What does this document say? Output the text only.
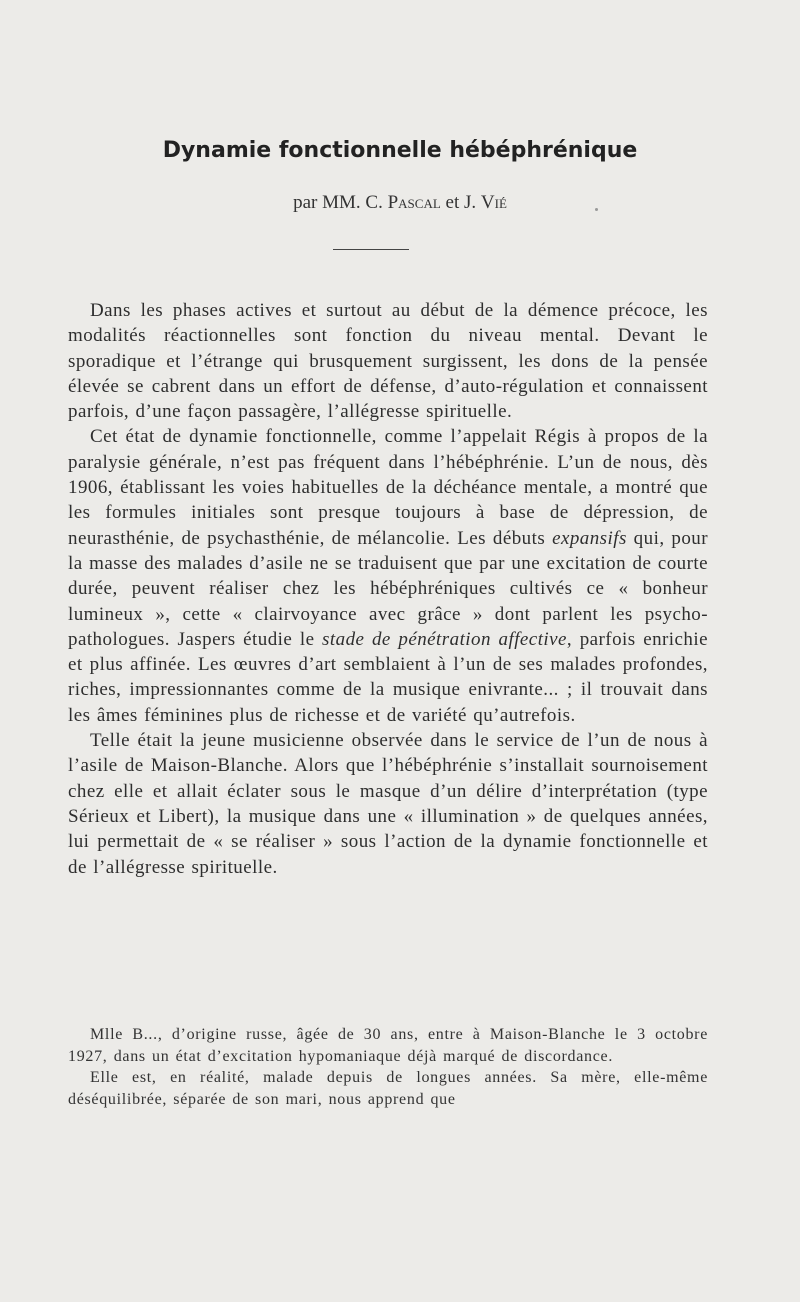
Dynamie fonctionnelle hébéphrénique
par MM. C. Pascal et J. Vié

Dans les phases actives et surtout au début de la démence précoce, les modalités réactionnelles sont fonction du niveau mental. Devant le sporadique et l’étrange qui brusquement surgissent, les dons de la pensée élevée se cabrent dans un effort de défense, d’auto-régulation et connaissent parfois, d’une façon passagère, l’allégresse spirituelle.

Cet état de dynamie fonctionnelle, comme l’appelait Régis à propos de la paralysie générale, n’est pas fréquent dans l’hébéphrénie. L’un de nous, dès 1906, établissant les voies habituelles de la déchéance mentale, a montré que les formules initiales sont presque toujours à base de dépression, de neurasthénie, de psychasthénie, de mélancolie. Les débuts expansifs qui, pour la masse des malades d’asile ne se traduisent que par une excitation de courte durée, peuvent réaliser chez les hébéphréniques cultivés ce « bonheur lumineux », cette « clairvoyance avec grâce » dont parlent les psycho-pathologues. Jaspers étudie le stade de pénétration affective, parfois enrichie et plus affinée. Les œuvres d’art semblaient à l’un de ses malades profondes, riches, impressionnantes comme de la musique enivrante... ; il trouvait dans les âmes féminines plus de richesse et de variété qu’autrefois.

Telle était la jeune musicienne observée dans le service de l’un de nous à l’asile de Maison-Blanche. Alors que l’hébéphrénie s’installait sournoisement chez elle et allait éclater sous le masque d’un délire d’interprétation (type Sérieux et Libert), la musique dans une « illumination » de quelques années, lui permettait de « se réaliser » sous l’action de la dynamie fonctionnelle et de l’allégresse spirituelle.

Mlle B..., d’origine russe, âgée de 30 ans, entre à Maison-Blanche le 3 octobre 1927, dans un état d’excitation hypomaniaque déjà marqué de discordance.

Elle est, en réalité, malade depuis de longues années. Sa mère, elle-même déséquilibrée, séparée de son mari, nous apprend que
